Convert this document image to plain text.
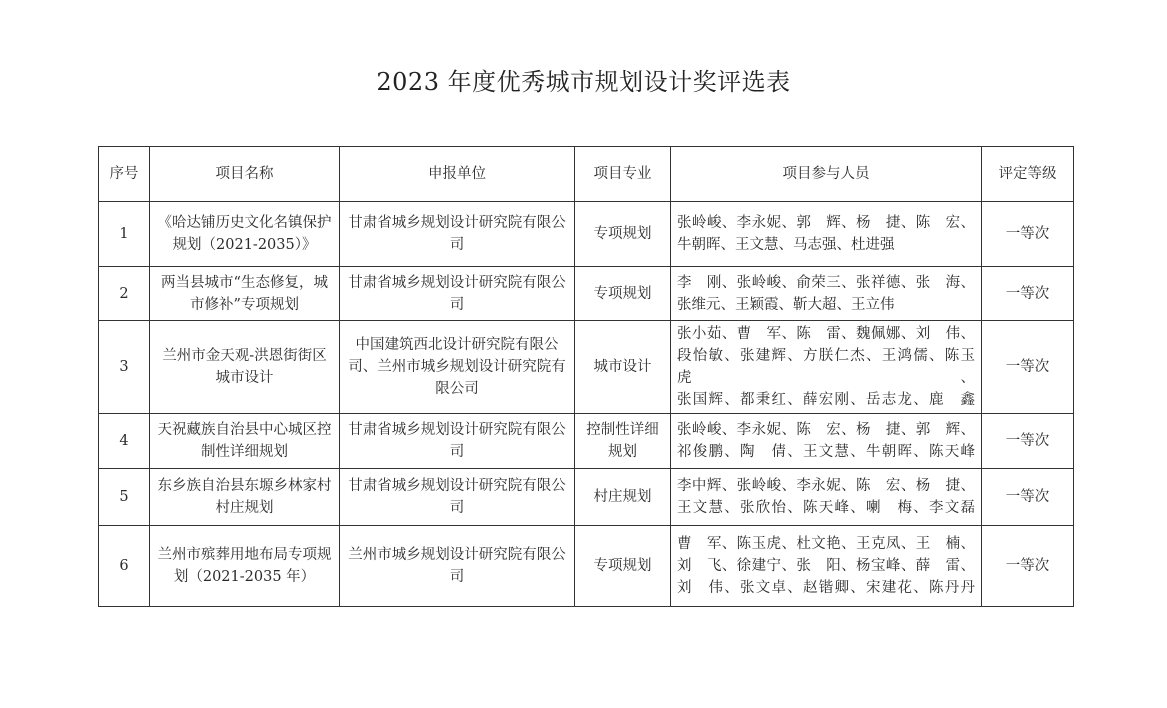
2023 年度优秀城市规划设计奖评选表
序号	项目名称	申报单位	项目专业	项目参与人员	评定等级
1	《哈达铺历史文化名镇保护规划（2021-2035）》	甘肃省城乡规划设计研究院有限公司	专项规划	张岭峻、李永妮、郭　辉、杨　捷、陈　宏、
牛朝晖、王文慧、马志强、杜进强	一等次
2	两当县城市“生态修复，城市修补”专项规划	甘肃省城乡规划设计研究院有限公司	专项规划	李　刚、张岭峻、俞荣三、张祥德、张　海、
张维元、王颖霞、靳大超、王立伟	一等次
3	兰州市金天观-洪恩街街区城市设计	中国建筑西北设计研究院有限公司、兰州市城乡规划设计研究院有限公司	城市设计	张小茹、曹　军、陈　雷、魏佩娜、刘　伟、
段怡敏、张建辉、方朕仁杰、王鸿儒、陈玉虎、
张国辉、都秉红、薛宏刚、岳志龙、鹿　鑫	一等次
4	天祝藏族自治县中心城区控制性详细规划	甘肃省城乡规划设计研究院有限公司	控制性详细规划	张岭峻、李永妮、陈　宏、杨　捷、郭　辉、
祁俊鹏、陶　倩、王文慧、牛朝晖、陈天峰	一等次
5	东乡族自治县东塬乡林家村村庄规划	甘肃省城乡规划设计研究院有限公司	村庄规划	李中辉、张岭峻、李永妮、陈　宏、杨　捷、
王文慧、张欣怡、陈天峰、喇　梅、李文磊	一等次
6	兰州市殡葬用地布局专项规划（2021-2035 年）	兰州市城乡规划设计研究院有限公司	专项规划	曹　军、陈玉虎、杜文艳、王克凤、王　楠、
刘　飞、徐建宁、张　阳、杨宝峰、薛　雷、
刘　伟、张文卓、赵锴卿、宋建花、陈丹丹	一等次
